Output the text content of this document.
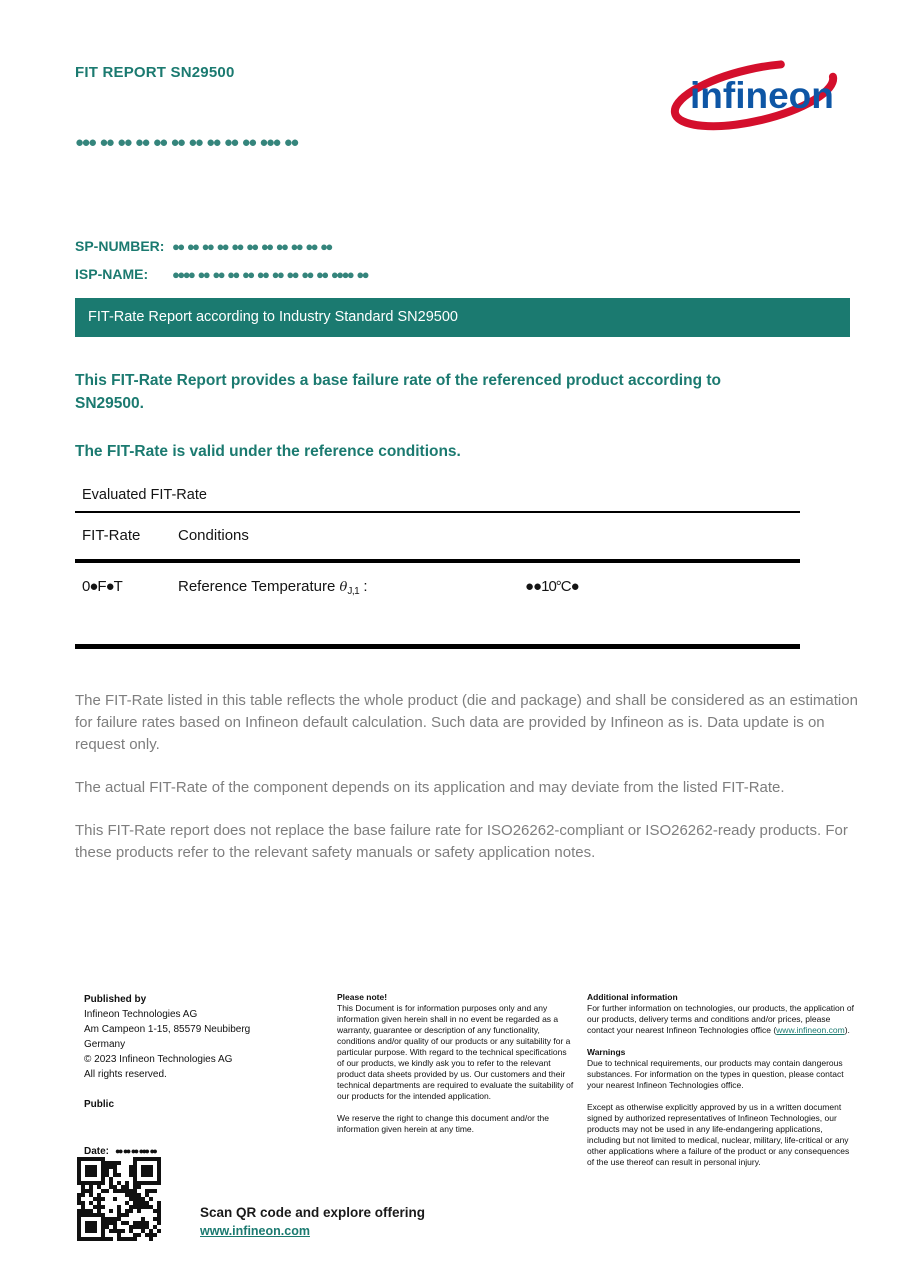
FIT REPORT SN29500
infineon
●●● ●● ●● ●● ●● ●● ●● ●● ●● ●● ●●● ●●
SP-NUMBER: ●● ●● ●● ●● ●● ●● ●● ●● ●● ●● ●●
ISP-NAME: ●●●● ●● ●● ●● ●● ●● ●● ●● ●● ●● ●●●● ●●
FIT-Rate Report according to Industry Standard SN29500
This FIT-Rate Report provides a base failure rate of the referenced product according to SN29500.
The FIT-Rate is valid under the reference conditions.
Evaluated FIT-Rate
FIT-Rate	Conditions
0●F●T	Reference Temperature $\theta_{J,1}$ :	●●10°C●

The FIT-Rate listed in this table reflects the whole product (die and package) and shall be considered as an estimation for failure rates based on Infineon default calculation. Such data are provided by Infineon as is. Data update is on request only.

The actual FIT-Rate of the component depends on its application and may deviate from the listed FIT-Rate.

This FIT-Rate report does not replace the base failure rate for ISO26262-compliant or ISO26262-ready products. For these products refer to the relevant safety manuals or safety application notes.

Published by
Infineon Technologies AG
Am Campeon 1-15, 85579 Neubiberg
Germany
© 2023 Infineon Technologies AG
All rights reserved.
Public
Please note!
This Document is for information purposes only and any information given herein shall in no event be regarded as a warranty, guarantee or description of any functionality, conditions and/or quality of our products or any suitability for a particular purpose. With regard to the technical specifications of our products, we kindly ask you to refer to the relevant product data sheets provided by us. Our customers and their technical departments are required to evaluate the suitability of our products for the intended application.
We reserve the right to change this document and/or the information given herein at any time.
Additional information
For further information on technologies, our products, the application of our products, delivery terms and conditions and/or prices, please contact your nearest Infineon Technologies office (www.infineon.com).
Warnings
Due to technical requirements, our products may contain dangerous substances. For information on the types in question, please contact your nearest Infineon Technologies office.
Except as otherwise explicitly approved by us in a written document signed by authorized representatives of Infineon Technologies, our products may not be used in any life-endangering applications, including but not limited to medical, nuclear, military, life-critical or any other applications where a failure of the product or any consequences of the use thereof can result in personal injury.
Date: ●● ●● ●● ●●● ●●
Scan QR code and explore offering
www.infineon.com
